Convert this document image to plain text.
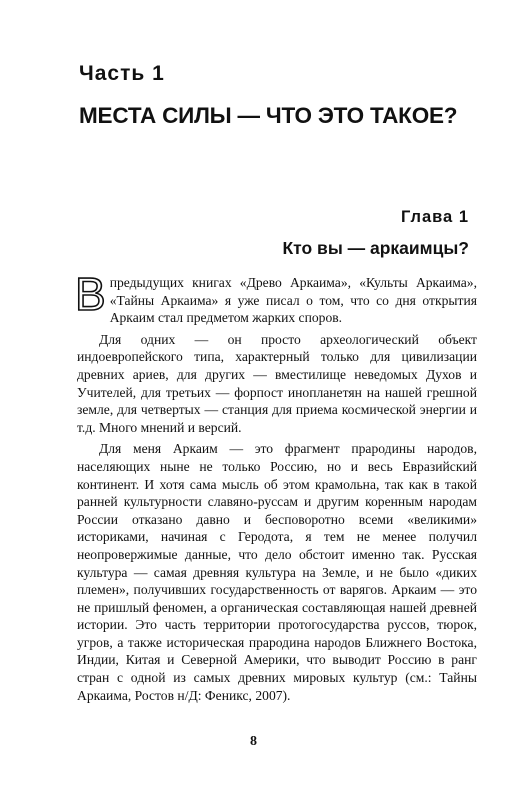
Часть 1
МЕСТА СИЛЫ — ЧТО ЭТО ТАКОЕ?
Глава 1
Кто вы — аркаимцы?

Впредыдущих книгах «Древо Аркаима», «Культы Аркаима», «Тайны Аркаима» я уже писал о том, что со дня открытия Аркаим стал предметом жарких споров.

Для одних — он просто археологический объект индоевропейского типа, характерный только для цивилизации древних ариев, для других — вместилище неведомых Духов и Учителей, для третьих — форпост инопланетян на нашей грешной земле, для четвертых — станция для приема космической энергии и т.д. Много мнений и версий.

Для меня Аркаим — это фрагмент прародины народов, населяющих ныне не только Россию, но и весь Евразийский континент. И хотя сама мысль об этом крамольна, так как в такой ранней культурности славяно-руссам и другим коренным народам России отказано давно и бесповоротно всеми «великими» историками, начиная с Геродота, я тем не менее получил неопровержимые данные, что дело обстоит именно так. Русская культура — самая древняя культура на Земле, и не было «диких племен», получивших государственность от варягов. Аркаим — это не пришлый феномен, а органическая составляющая нашей древней истории. Это часть территории протогосударства руссов, тюрок, угров, а также историческая прародина народов Ближнего Востока, Индии, Китая и Северной Америки, что выводит Россию в ранг стран с одной из самых древних мировых культур (см.: Тайны Аркаима, Ростов н/Д: Феникс, 2007).

8
